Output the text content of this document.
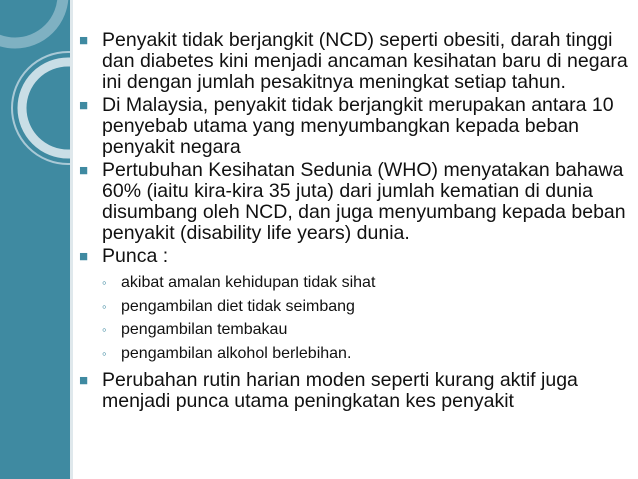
■ Penyakit tidak berjangkit (NCD) seperti obesiti, darah tinggi dan diabetes kini menjadi ancaman kesihatan baru di negara ini dengan jumlah pesakitnya meningkat setiap tahun.
■ Di Malaysia, penyakit tidak berjangkit merupakan antara 10 penyebab utama yang menyumbangkan kepada beban penyakit negara
■ Pertubuhan Kesihatan Sedunia (WHO) menyatakan bahawa 60% (iaitu kira-kira 35 juta) dari jumlah kematian di dunia disumbang oleh NCD, dan juga menyumbang kepada beban penyakit (disability life years) dunia.
■ Punca :
◦ akibat amalan kehidupan tidak sihat
◦ pengambilan diet tidak seimbang
◦ pengambilan tembakau
◦ pengambilan alkohol berlebihan.
■ Perubahan rutin harian moden seperti kurang aktif juga menjadi punca utama peningkatan kes penyakit
